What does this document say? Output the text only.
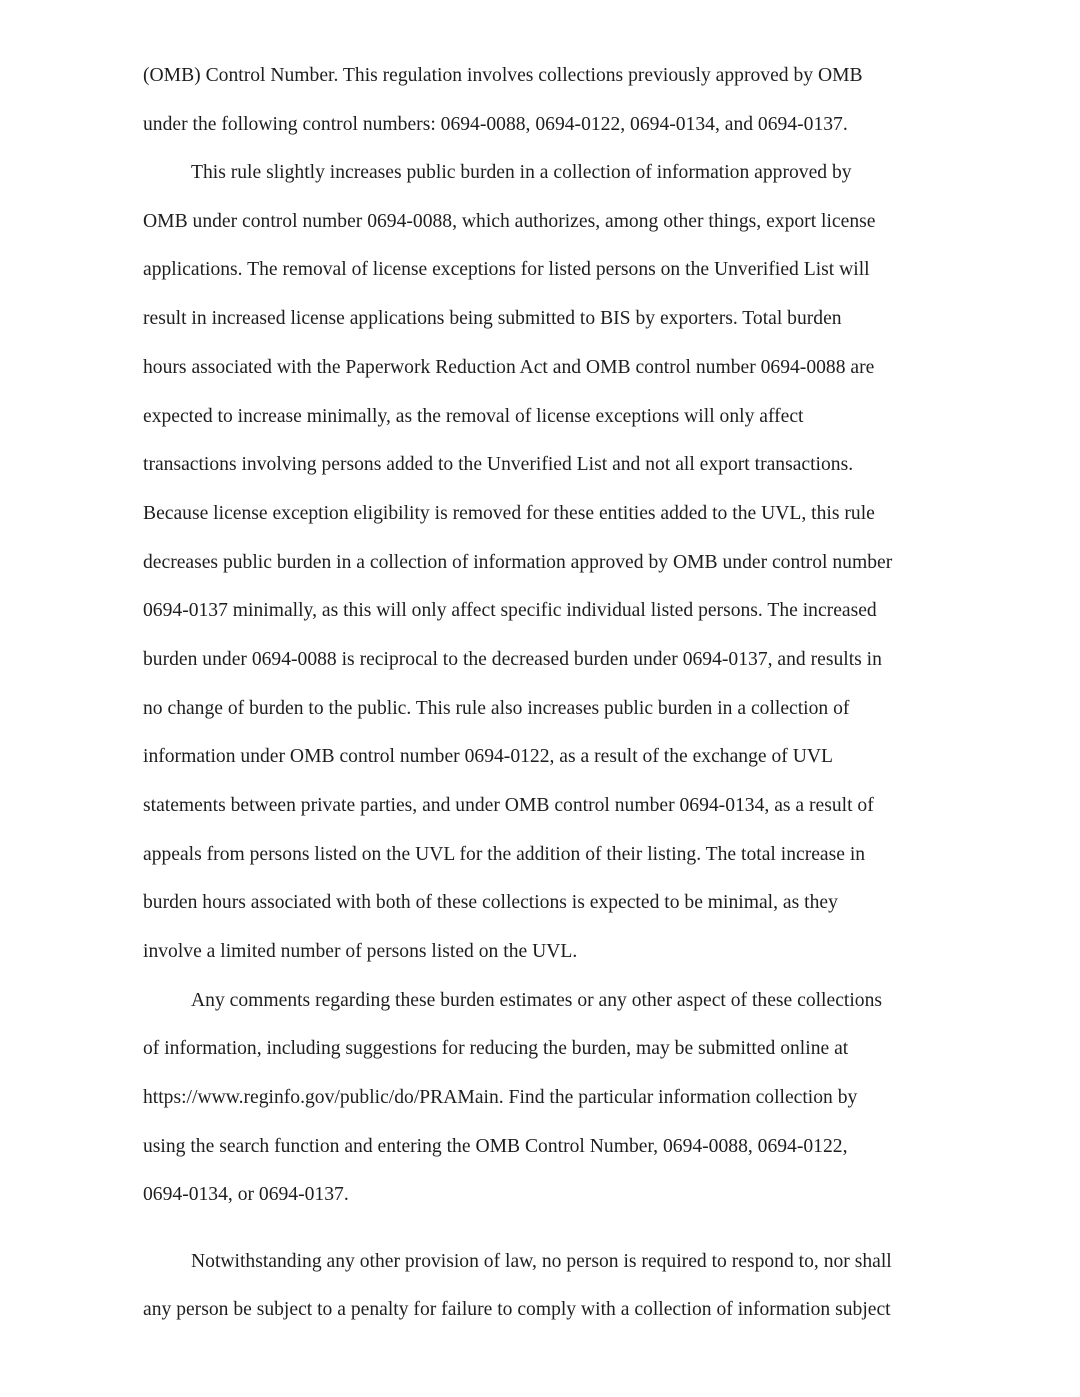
(OMB) Control Number. This regulation involves collections previously approved by OMB
under the following control numbers: 0694-0088, 0694-0122, 0694-0134, and 0694-0137.
This rule slightly increases public burden in a collection of information approved by
OMB under control number 0694-0088, which authorizes, among other things, export license
applications. The removal of license exceptions for listed persons on the Unverified List will
result in increased license applications being submitted to BIS by exporters. Total burden
hours associated with the Paperwork Reduction Act and OMB control number 0694-0088 are
expected to increase minimally, as the removal of license exceptions will only affect
transactions involving persons added to the Unverified List and not all export transactions.
Because license exception eligibility is removed for these entities added to the UVL, this rule
decreases public burden in a collection of information approved by OMB under control number
0694-0137 minimally, as this will only affect specific individual listed persons. The increased
burden under 0694-0088 is reciprocal to the decreased burden under 0694-0137, and results in
no change of burden to the public. This rule also increases public burden in a collection of
information under OMB control number 0694-0122, as a result of the exchange of UVL
statements between private parties, and under OMB control number 0694-0134, as a result of
appeals from persons listed on the UVL for the addition of their listing. The total increase in
burden hours associated with both of these collections is expected to be minimal, as they
involve a limited number of persons listed on the UVL.
Any comments regarding these burden estimates or any other aspect of these collections
of information, including suggestions for reducing the burden, may be submitted online at
https://www.reginfo.gov/public/do/PRAMain. Find the particular information collection by
using the search function and entering the OMB Control Number, 0694-0088, 0694-0122,
0694-0134, or 0694-0137.
Notwithstanding any other provision of law, no person is required to respond to, nor shall
any person be subject to a penalty for failure to comply with a collection of information subject
